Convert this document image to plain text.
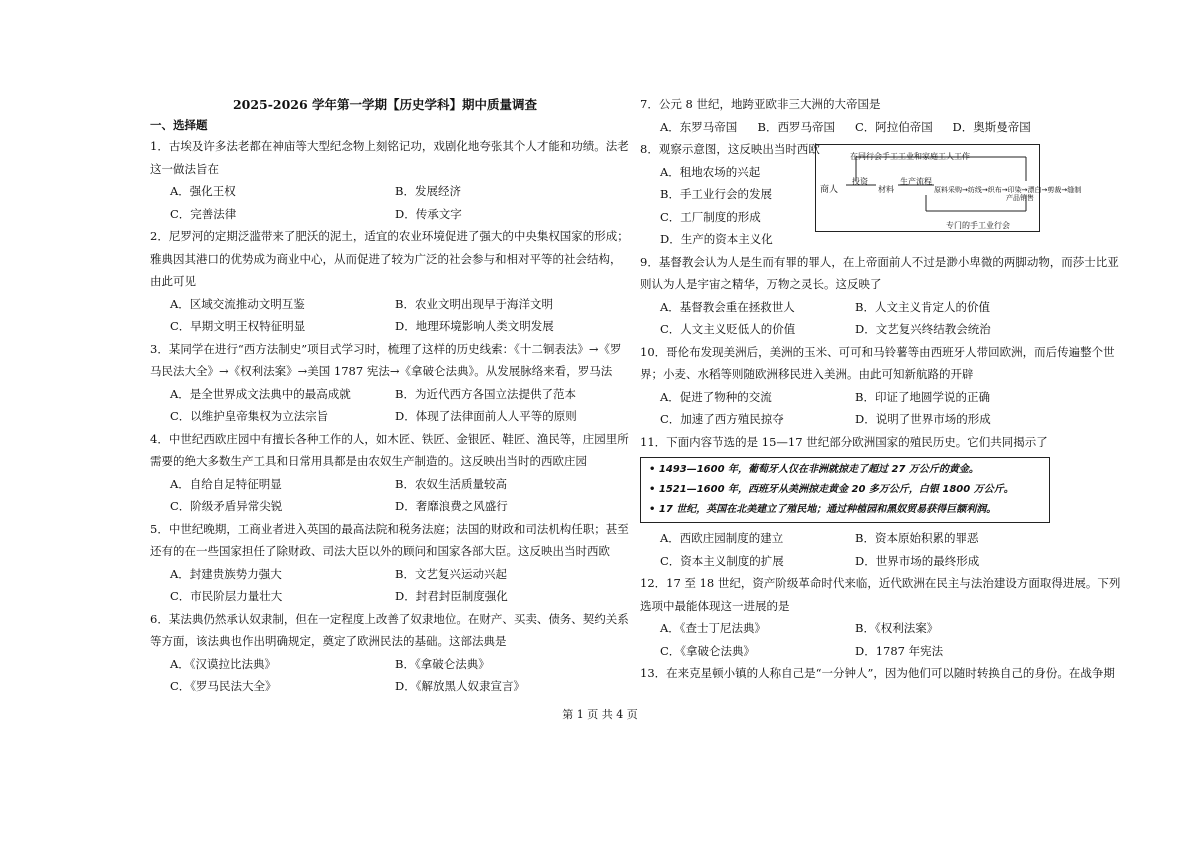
2025-2026 学年第一学期【历史学科】期中质量调查
一、选择题
1．古埃及许多法老都在神庙等大型纪念物上刻铭记功，戏剧化地夸张其个人才能和功绩。法老
这一做法旨在
A．强化王权	B．发展经济
C．完善法律	D．传承文字
2．尼罗河的定期泛滥带来了肥沃的泥土，适宜的农业环境促进了强大的中央集权国家的形成；
雅典因其港口的优势成为商业中心，从而促进了较为广泛的社会参与和相对平等的社会结构，
由此可见
A．区域交流推动文明互鉴	B．农业文明出现早于海洋文明
C．早期文明王权特征明显	D．地理环境影响人类文明发展
3．某同学在进行“西方法制史”项目式学习时，梳理了这样的历史线索：《十二铜表法》→《罗
马民法大全》→《权利法案》→美国 1787 宪法→《拿破仑法典》。从发展脉络来看，罗马法
A．是全世界成文法典中的最高成就	B．为近代西方各国立法提供了范本
C．以维护皇帝集权为立法宗旨	D．体现了法律面前人人平等的原则
4．中世纪西欧庄园中有擅长各种工作的人，如木匠、铁匠、金银匠、鞋匠、渔民等，庄园里所
需要的绝大多数生产工具和日常用具都是由农奴生产制造的。这反映出当时的西欧庄园
A．自给自足特征明显	B．农奴生活质量较高
C．阶级矛盾异常尖锐	D．奢靡浪费之风盛行
5．中世纪晚期，工商业者进入英国的最高法院和税务法庭；法国的财政和司法机构任职；甚至
还有的在一些国家担任了除财政、司法大臣以外的顾问和国家各部大臣。这反映出当时西欧
A．封建贵族势力强大	B．文艺复兴运动兴起
C．市民阶层力量壮大	D．封君封臣制度强化
6．某法典仍然承认奴隶制，但在一定程度上改善了奴隶地位。在财产、买卖、债务、契约关系
等方面，该法典也作出明确规定，奠定了欧洲民法的基础。这部法典是
A．《汉谟拉比法典》	B．《拿破仑法典》
C．《罗马民法大全》	D．《解放黑人奴隶宣言》
7．公元 8 世纪，地跨亚欧非三大洲的大帝国是
A．东罗马帝国	B．西罗马帝国	C．阿拉伯帝国	D．奥斯曼帝国
8．观察示意图，这反映出当时西欧
在同行会手工工业和家庭工人工作
商人
投资
材料
生产流程
原料采购→纺线→织布→印染→漂白→剪裁→缝制
产品销售
专门的手工业行会
A．租地农场的兴起
B．手工业行会的发展
C．工厂制度的形成
D．生产的资本主义化
9．基督教会认为人是生而有罪的罪人，在上帝面前人不过是渺小卑微的两脚动物，而莎士比亚
则认为人是宇宙之精华，万物之灵长。这反映了
A．基督教会重在拯救世人	B．人文主义肯定人的价值
C．人文主义贬低人的价值	D．文艺复兴终结教会统治
10．哥伦布发现美洲后，美洲的玉米、可可和马铃薯等由西班牙人带回欧洲，而后传遍整个世
界；小麦、水稻等则随欧洲移民进入美洲。由此可知新航路的开辟
A．促进了物种的交流	B．印证了地圆学说的正确
C．加速了西方殖民掠夺	D．说明了世界市场的形成
11．下面内容节选的是 15—17 世纪部分欧洲国家的殖民历史。它们共同揭示了
• 1493—1600 年，葡萄牙人仅在非洲就掠走了超过 27 万公斤的黄金。
• 1521—1600 年，西班牙从美洲掠走黄金 20 多万公斤，白银 1800 万公斤。
• 17 世纪，英国在北美建立了殖民地；通过种植园和黑奴贸易获得巨额利润。
A．西欧庄园制度的建立	B．资本原始积累的罪恶
C．资本主义制度的扩展	D．世界市场的最终形成
12．17 至 18 世纪，资产阶级革命时代来临，近代欧洲在民主与法治建设方面取得进展。下列
选项中最能体现这一进展的是
A．《查士丁尼法典》	B．《权利法案》
C．《拿破仑法典》	D．1787 年宪法
13．在来克星顿小镇的人称自己是“一分钟人”，因为他们可以随时转换自己的身份。在战争期
第 1 页 共 4 页
